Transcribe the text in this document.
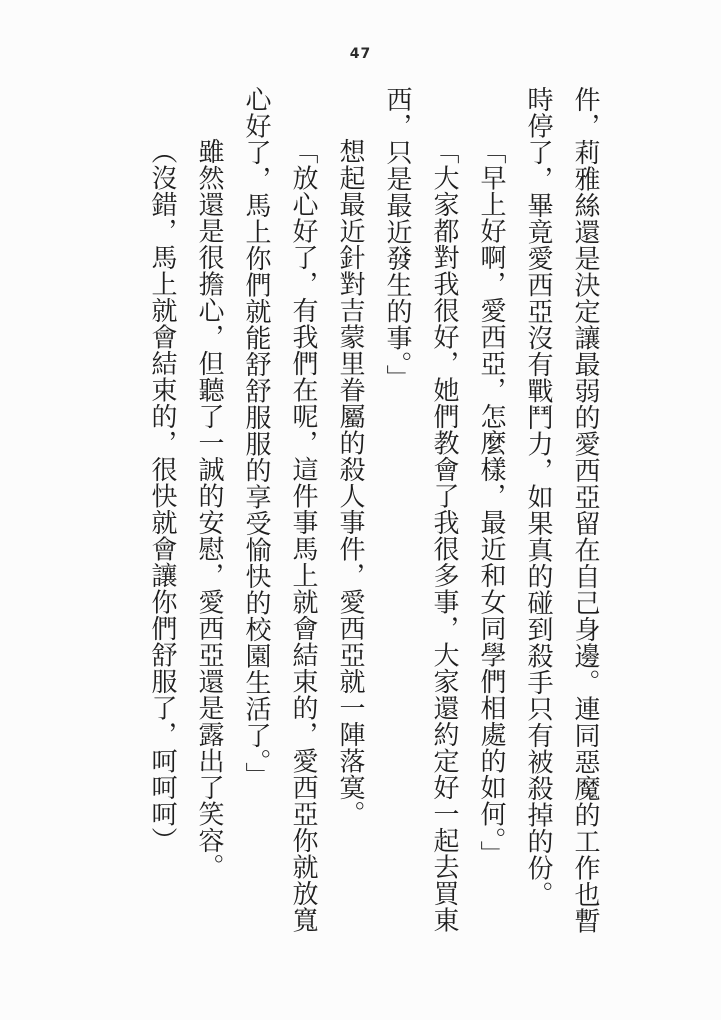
47

件，莉雅絲還是決定讓最弱的愛西亞留在自己身邊。連同惡魔的工作也暫時停了，畢竟愛西亞沒有戰鬥力，如果真的碰到殺手只有被殺掉的份。

「早上好啊，愛西亞，怎麼樣，最近和女同學們相處的如何。」

「大家都對我很好，她們教會了我很多事，大家還約定好一起去買東西，只是最近發生的事。」

想起最近針對吉蒙里眷屬的殺人事件，愛西亞就一陣落寞。

「放心好了，有我們在呢，這件事馬上就會結束的，愛西亞你就放寬心好了，馬上你們就能舒舒服服的享受愉快的校園生活了。」

雖然還是很擔心，但聽了一誠的安慰，愛西亞還是露出了笑容。

（沒錯，馬上就會結束的，很快就會讓你們舒服了，呵呵呵）
